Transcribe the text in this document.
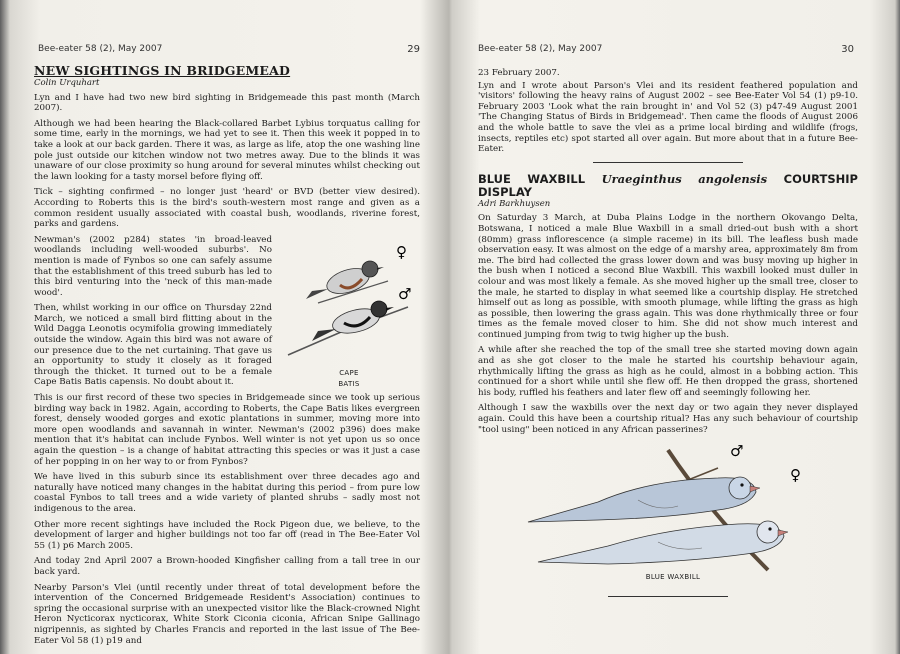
Bee-eater 58 (2), May 2007	29
NEW SIGHTINGS IN BRIDGEMEAD
Colin Urquhart

Lyn and I have had two new bird sighting in Bridgemeade this past month (March 2007).

Although we had been hearing the Black-collared Barbet Lybius torquatus calling for some time, early in the mornings, we had yet to see it. Then this week it popped in to take a look at our back garden. There it was, as large as life, atop the one washing line pole just outside our kitchen window not two metres away. Due to the blinds it was unaware of our close proximity so hung around for several minutes whilst checking out the lawn looking for a tasty morsel before flying off.

Tick – sighting confirmed – no longer just 'heard' or BVD (better view desired). According to Roberts this is the bird's south-western most range and given as a common resident usually associated with coastal bush, woodlands, riverine forest, parks and gardens.

♀
♂
CAPE
BATIS

Newman's (2002 p284) states 'in broad-leaved woodlands including well-wooded suburbs'. No mention is made of Fynbos so one can safely assume that the establishment of this treed suburb has led to this bird venturing into the 'neck of this man-made wood'.

Then, whilst working in our office on Thursday 22nd March, we noticed a small bird flitting about in the Wild Dagga Leonotis ocymifolia growing immediately outside the window. Again this bird was not aware of our presence due to the net curtaining. That gave us an opportunity to study it closely as it foraged through the thicket. It turned out to be a female Cape Batis Batis capensis. No doubt about it.

This is our first record of these two species in Bridgemeade since we took up serious birding way back in 1982. Again, according to Roberts, the Cape Batis likes evergreen forest, densely wooded gorges and exotic plantations in summer, moving more into more open woodlands and savannah in winter. Newman's (2002 p396) does make mention that it's habitat can include Fynbos. Well winter is not yet upon us so once again the question – is a change of habitat attracting this species or was it just a case of her popping in on her way to or from Fynbos?

We have lived in this suburb since its establishment over three decades ago and naturally have noticed many changes in the habitat during this period – from pure low coastal Fynbos to tall trees and a wide variety of planted shrubs – sadly most not indigenous to the area.

Other more recent sightings have included the Rock Pigeon due, we believe, to the development of larger and higher buildings not too far off (read in The Bee-Eater Vol 55 (1) p6 March 2005.

And today 2nd April 2007 a Brown-hooded Kingfisher calling from a tall tree in our back yard.

Nearby Parson's Vlei (until recently under threat of total development before the intervention of the Concerned Bridgemeade Resident's Association) continues to spring the occasional surprise with an unexpected visitor like the Black-crowned Night Heron Nycticorax nycticorax, White Stork Ciconia ciconia, African Snipe Gallinago nigripennis, as sighted by Charles Francis and reported in the last issue of The Bee-Eater Vol 58 (1) p19 and

Bee-eater 58 (2), May 2007	30

23 February 2007.

Lyn and I wrote about Parson's Vlei and its resident feathered population and 'visitors' following the heavy rains of August 2002 – see Bee-Eater Vol 54 (1) p9-10. February 2003 'Look what the rain brought in' and Vol 52 (3) p47-49 August 2001 'The Changing Status of Birds in Bridgemead'. Then came the floods of August 2006 and the whole battle to save the vlei as a prime local birding and wildlife (frogs, insects, reptiles etc) spot started all over again. But more about that in a future Bee-Eater.

BLUE WAXBILL Uraeginthus angolensis COURTSHIP DISPLAY
Adri Barkhuysen

On Saturday 3 March, at Duba Plains Lodge in the northern Okovango Delta, Botswana, I noticed a male Blue Waxbill in a small dried-out bush with a short (80mm) grass inflorescence (a simple raceme) in its bill. The leafless bush made observation easy. It was almost on the edge of a marshy area, approximately 8m from me. The bird had collected the grass lower down and was busy moving up higher in the bush when I noticed a second Blue Waxbill. This waxbill looked must duller in colour and was most likely a female. As she moved higher up the small tree, closer to the male, he started to display in what seemed like a courtship display. He stretched himself out as long as possible, with smooth plumage, while lifting the grass as high as possible, then lowering the grass again. This was done rhythmically three or four times as the female moved closer to him. She did not show much interest and continued jumping from twig to twig higher up the bush.

A while after she reached the top of the small tree she started moving down again and as she got closer to the male he started his courtship behaviour again, rhythmically lifting the grass as high as he could, almost in a bobbing action. This continued for a short while until she flew off. He then dropped the grass, shortened his body, ruffled his feathers and later flew off and seemingly following her.

Although I saw the waxbills over the next day or two again they never displayed again. Could this have been a courtship ritual? Has any such behaviour of courtship "tool using" been noticed in any African passerines?

♂
♀
BLUE WAXBILL
